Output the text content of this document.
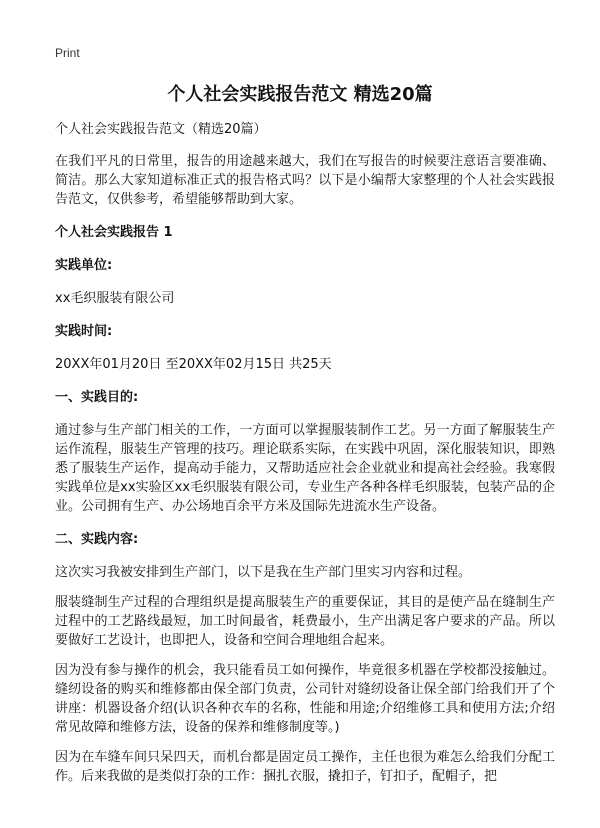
Print
个人社会实践报告范文 精选20篇

个人社会实践报告范文（精选20篇）

在我们平凡的日常里，报告的用途越来越大，我们在写报告的时候要注意语言要准确、简洁。那么大家知道标准正式的报告格式吗？以下是小编帮大家整理的个人社会实践报告范文，仅供参考，希望能够帮助到大家。

个人社会实践报告 1

实践单位:

xx毛织服装有限公司

实践时间:

20XX年01月20日 至20XX年02月15日 共25天

一、实践目的:

通过参与生产部门相关的工作，一方面可以掌握服装制作工艺。另一方面了解服装生产运作流程，服装生产管理的技巧。理论联系实际，在实践中巩固，深化服装知识，即熟悉了服装生产运作，提高动手能力，又帮助适应社会企业就业和提高社会经验。我寒假实践单位是xx实验区xx毛织服装有限公司，专业生产各种各样毛织服装，包装产品的企业。公司拥有生产、办公场地百余平方米及国际先进流水生产设备。

二、实践内容:

这次实习我被安排到生产部门，以下是我在生产部门里实习内容和过程。

服装缝制生产过程的合理组织是提高服装生产的重要保证，其目的是使产品在缝制生产过程中的工艺路线最短，加工时间最省，耗费最小，生产出满足客户要求的产品。所以要做好工艺设计，也即把人，设备和空间合理地组合起来。

因为没有参与操作的机会，我只能看员工如何操作，毕竟很多机器在学校都没接触过。缝纫设备的购买和维修都由保全部门负责，公司针对缝纫设备让保全部门给我们开了个讲座：机器设备介绍(认识各种衣车的名称，性能和用途;介绍维修工具和使用方法;介绍常见故障和维修方法，设备的保养和维修制度等。)

因为在车缝车间只呆四天，而机台都是固定员工操作，主任也很为难怎么给我们分配工作。后来我做的是类似打杂的工作：捆扎衣服，撬扣子，钉扣子，配帽子，把
